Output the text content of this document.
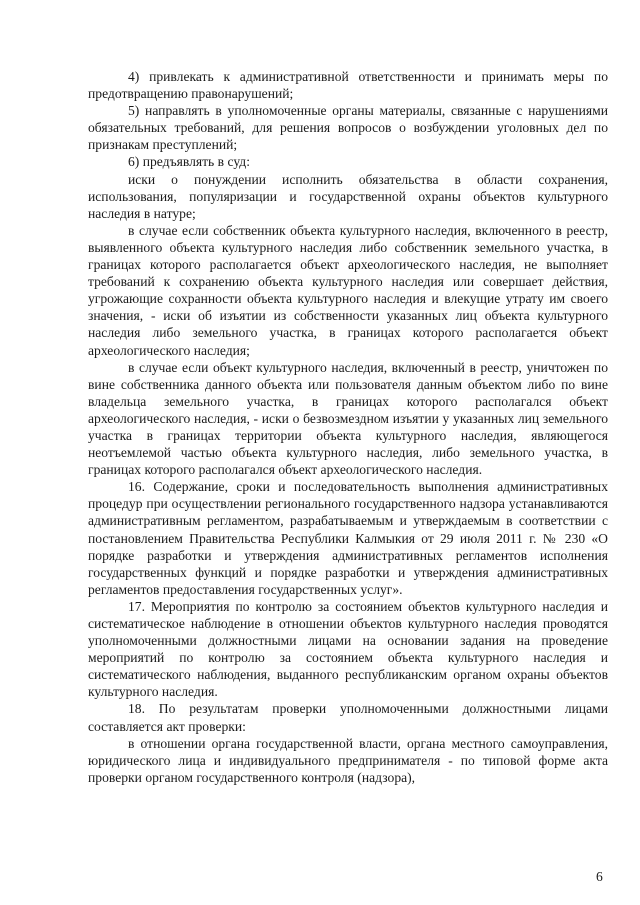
4) привлекать к административной ответственности и принимать меры по предотвращению правонарушений;

5) направлять в уполномоченные органы материалы, связанные с нарушениями обязательных требований, для решения вопросов о возбуждении уголовных дел по признакам преступлений;

6) предъявлять в суд:

иски о понуждении исполнить обязательства в области сохранения, использования, популяризации и государственной охраны объектов культурного наследия в натуре;

в случае если собственник объекта культурного наследия, включенного в реестр, выявленного объекта культурного наследия либо собственник земельного участка, в границах которого располагается объект археологического наследия, не выполняет требований к сохранению объекта культурного наследия или совершает действия, угрожающие сохранности объекта культурного наследия и влекущие утрату им своего значения, - иски об изъятии из собственности указанных лиц объекта культурного наследия либо земельного участка, в границах которого располагается объект археологического наследия;

в случае если объект культурного наследия, включенный в реестр, уничтожен по вине собственника данного объекта или пользователя данным объектом либо по вине владельца земельного участка, в границах которого располагался объект археологического наследия, - иски о безвозмездном изъятии у указанных лиц земельного участка в границах территории объекта культурного наследия, являющегося неотъемлемой частью объекта культурного наследия, либо земельного участка, в границах которого располагался объект археологического наследия.

16. Содержание, сроки и последовательность выполнения административных процедур при осуществлении регионального государственного надзора устанавливаются административным регламентом, разрабатываемым и утверждаемым в соответствии с постановлением Правительства Республики Калмыкия от 29 июля 2011 г. № 230 «О порядке разработки и утверждения административных регламентов исполнения государственных функций и порядке разработки и утверждения административных регламентов предоставления государственных услуг».

17. Мероприятия по контролю за состоянием объектов культурного наследия и систематическое наблюдение в отношении объектов культурного наследия проводятся уполномоченными должностными лицами на основании задания на проведение мероприятий по контролю за состоянием объекта культурного наследия и систематического наблюдения, выданного республиканским органом охраны объектов культурного наследия.

18. По результатам проверки уполномоченными должностными лицами составляется акт проверки:

в отношении органа государственной власти, органа местного самоуправления, юридического лица и индивидуального предпринимателя - по типовой форме акта проверки органом государственного контроля (надзора),

6
